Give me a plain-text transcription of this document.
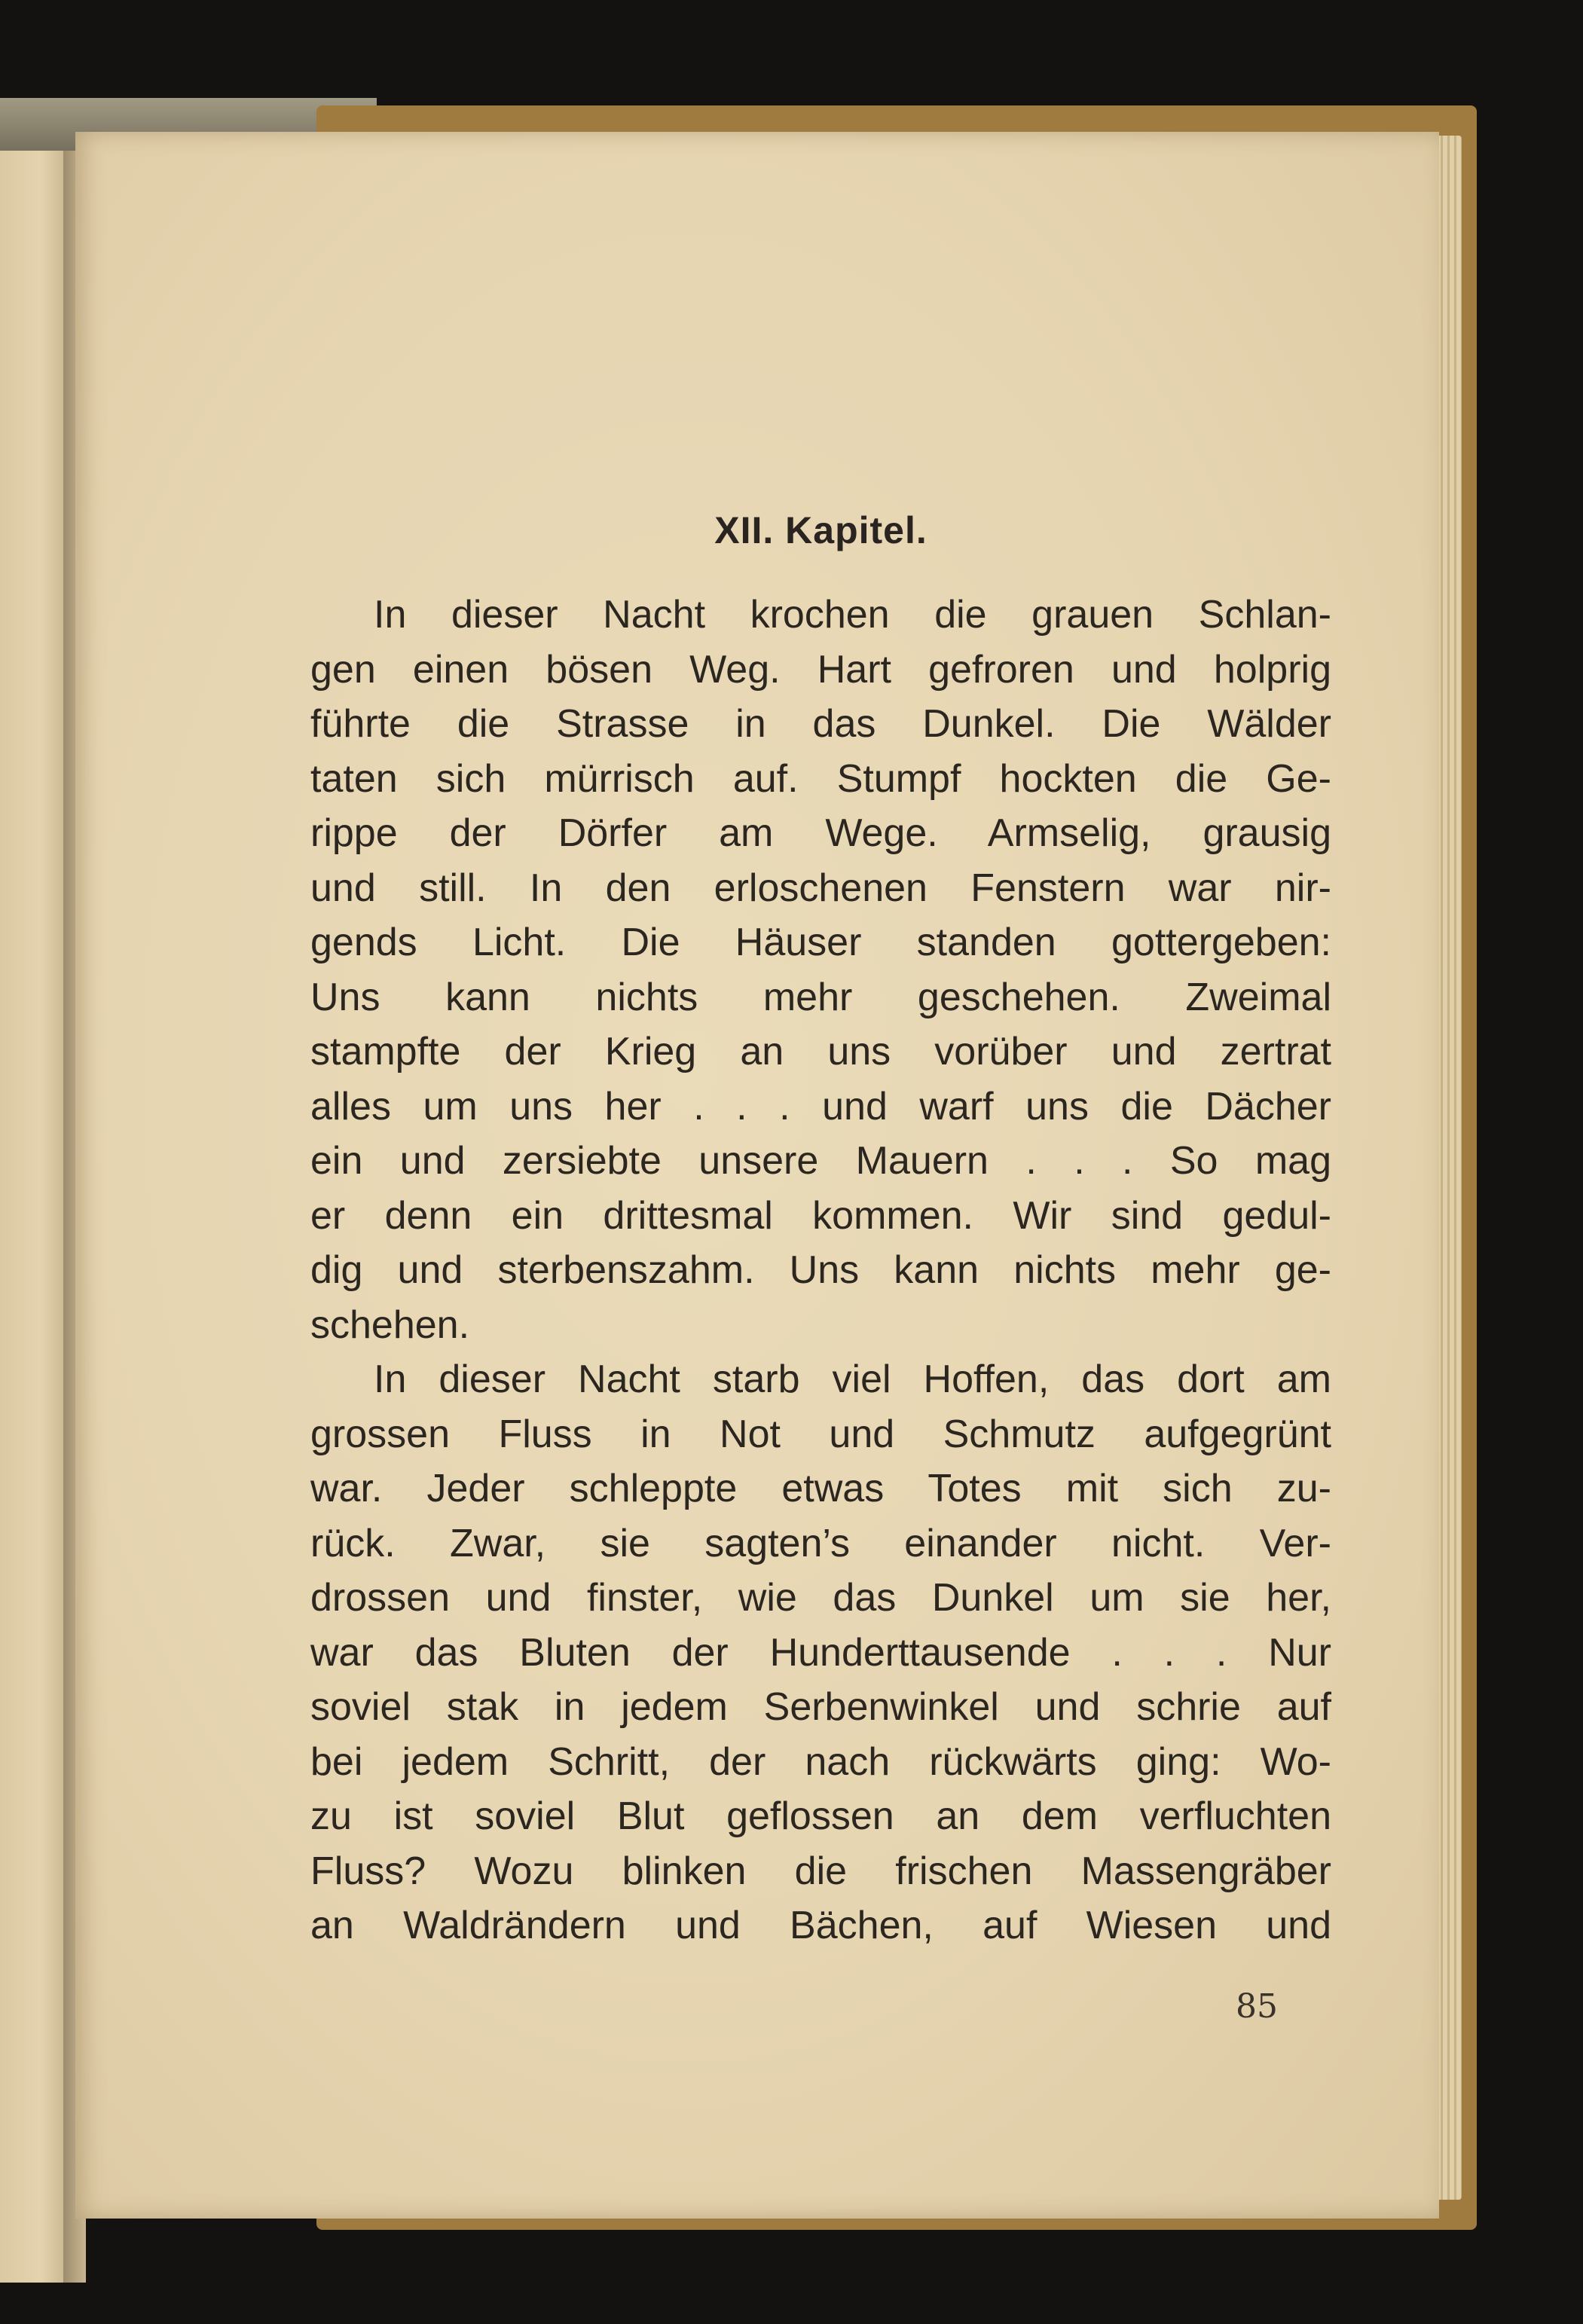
XII. Kapitel.
In dieser Nacht krochen die grauen Schlan-
gen einen bösen Weg. Hart gefroren und holprig
führte die Strasse in das Dunkel. Die Wälder
taten sich mürrisch auf. Stumpf hockten die Ge-
rippe der Dörfer am Wege. Armselig, grausig
und still. In den erloschenen Fenstern war nir-
gends Licht. Die Häuser standen gottergeben:
Uns kann nichts mehr geschehen. Zweimal
stampfte der Krieg an uns vorüber und zertrat
alles um uns her . . . und warf uns die Dächer
ein und zersiebte unsere Mauern . . . So mag
er denn ein drittesmal kommen. Wir sind gedul-
dig und sterbenszahm. Uns kann nichts mehr ge-
schehen.
In dieser Nacht starb viel Hoffen, das dort am
grossen Fluss in Not und Schmutz aufgegrünt
war. Jeder schleppte etwas Totes mit sich zu-
rück. Zwar, sie sagten’s einander nicht. Ver-
drossen und finster, wie das Dunkel um sie her,
war das Bluten der Hunderttausende . . . Nur
soviel stak in jedem Serbenwinkel und schrie auf
bei jedem Schritt, der nach rückwärts ging: Wo-
zu ist soviel Blut geflossen an dem verfluchten
Fluss? Wozu blinken die frischen Massengräber
an Waldrändern und Bächen, auf Wiesen und
85
